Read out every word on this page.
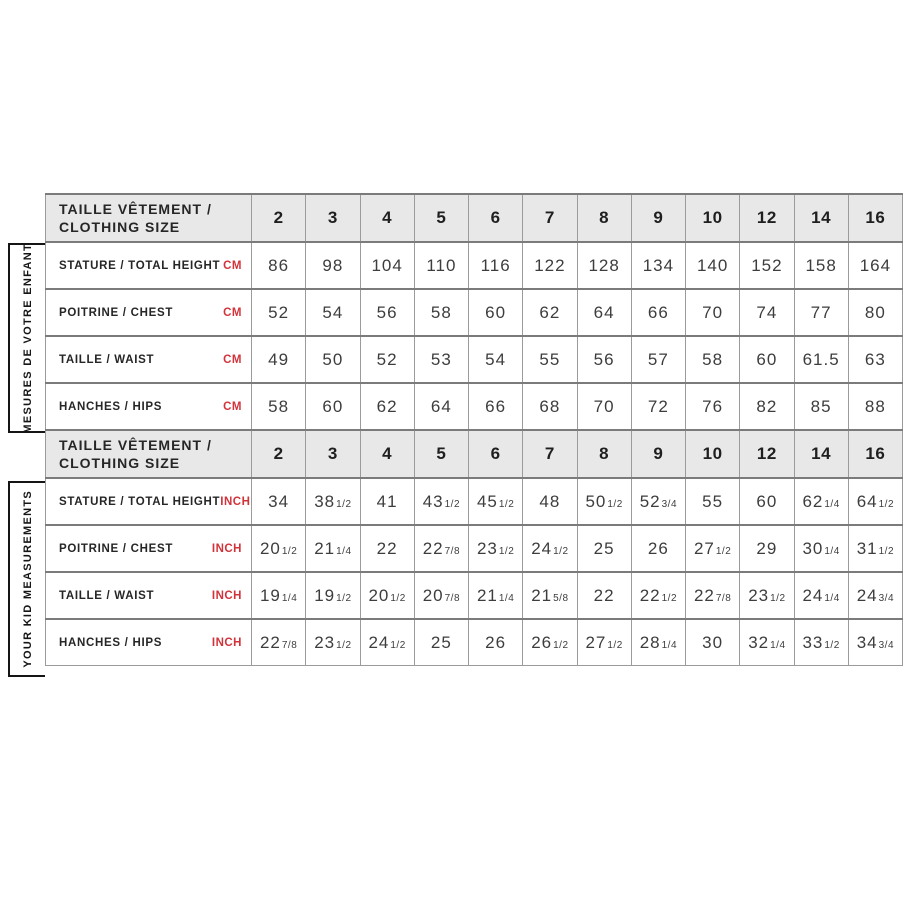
MESURES DE VOTRE ENFANT
YOUR KID MEASUREMENTS
TAILLE VÊTEMENT /
CLOTHING SIZE	2	3	4	5	6	7	8	9	10	12	14	16

STATURE / TOTAL HEIGHT CM	86	98	104	110	116	122	128	134	140	152	158	164

POITRINE / CHEST CM	52	54	56	58	60	62	64	66	70	74	77	80

TAILLE / WAIST CM	49	50	52	53	54	55	56	57	58	60	61.5	63

HANCHES / HIPS CM	58	60	62	64	66	68	70	72	76	82	85	88

TAILLE VÊTEMENT /
CLOTHING SIZE	2	3	4	5	6	7	8	9	10	12	14	16

STATURE / TOTAL HEIGHT INCH	34	381/2	41	431/2	451/2	48	501/2	523/4	55	60	621/4	641/2

POITRINE / CHEST INCH	201/2	211/4	22	227/8	231/2	241/2	25	26	271/2	29	301/4	311/2

TAILLE / WAIST INCH	191/4	191/2	201/2	207/8	211/4	215/8	22	221/2	227/8	231/2	241/4	243/4

HANCHES / HIPS INCH	227/8	231/2	241/2	25	26	261/2	271/2	281/4	30	321/4	331/2	343/4
